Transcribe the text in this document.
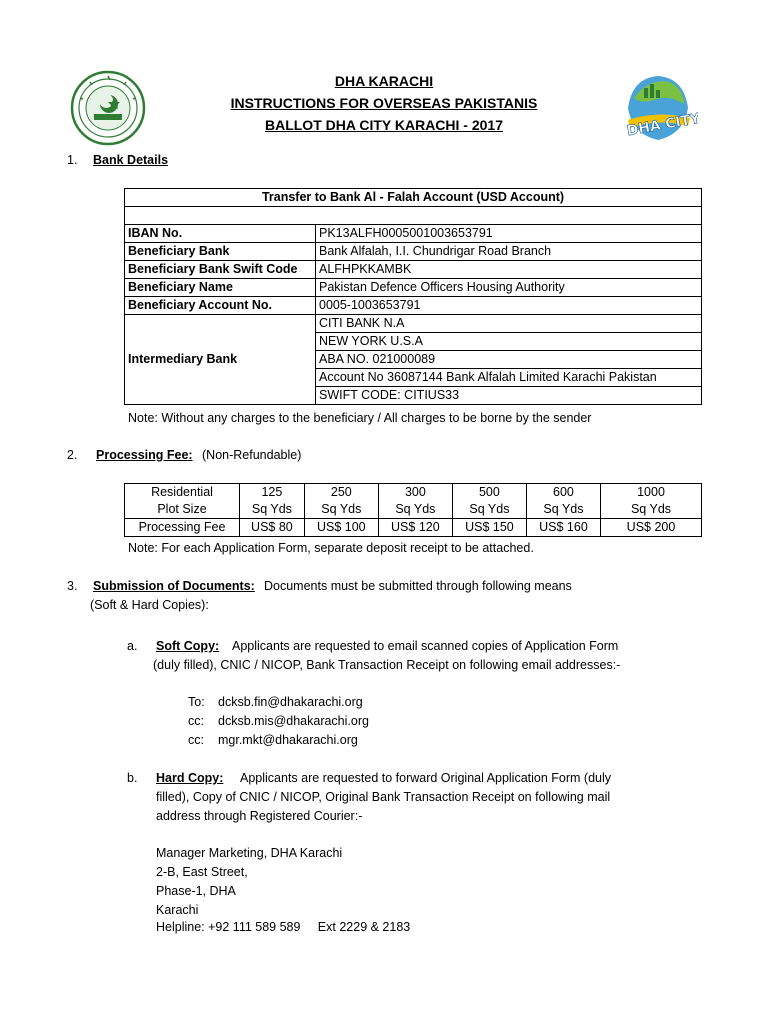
DHA CITY
DHA KARACHI
INSTRUCTIONS FOR OVERSEAS PAKISTANIS
BALLOT DHA CITY KARACHI - 2017
1. Bank Details
Transfer to Bank Al - Falah Account (USD Account)	

IBAN No.	PK13ALFH0005001003653791
Beneficiary Bank	Bank Alfalah, I.I. Chundrigar Road Branch
Beneficiary Bank Swift Code	ALFHPKKAMBK
Beneficiary Name	Pakistan Defence Officers Housing Authority
Beneficiary Account No.	0005-1003653791
Intermediary Bank	CITI BANK N.A
	NEW YORK U.S.A
	ABA NO. 021000089
	Account No 36087144 Bank Alfalah Limited Karachi Pakistan
	SWIFT CODE: CITIUS33
Note: Without any charges to the beneficiary / All charges to be borne by the sender
2. Processing Fee: (Non-Refundable)
Residential	125	250	300	500	600	1000
Plot Size	Sq Yds	Sq Yds	Sq Yds	Sq Yds	Sq Yds	Sq Yds
Processing Fee	US$ 80	US$ 100	US$ 120	US$ 150	US$ 160	US$ 200
Note: For each Application Form, separate deposit receipt to be attached.
3. Submission of Documents: Documents must be submitted through following means
(Soft & Hard Copies):
a. Soft Copy: Applicants are requested to email scanned copies of Application Form
(duly filled), CNIC / NICOP, Bank Transaction Receipt on following email addresses:-
To: dcksb.fin@dhakarachi.org
cc: dcksb.mis@dhakarachi.org
cc: mgr.mkt@dhakarachi.org
b. Hard Copy: Applicants are requested to forward Original Application Form (duly
filled), Copy of CNIC / NICOP, Original Bank Transaction Receipt on following mail
address through Registered Courier:-
Manager Marketing, DHA Karachi
2-B, East Street,
Phase-1, DHA
Karachi
Helpline: +92 111 589 589     Ext 2229 & 2183
